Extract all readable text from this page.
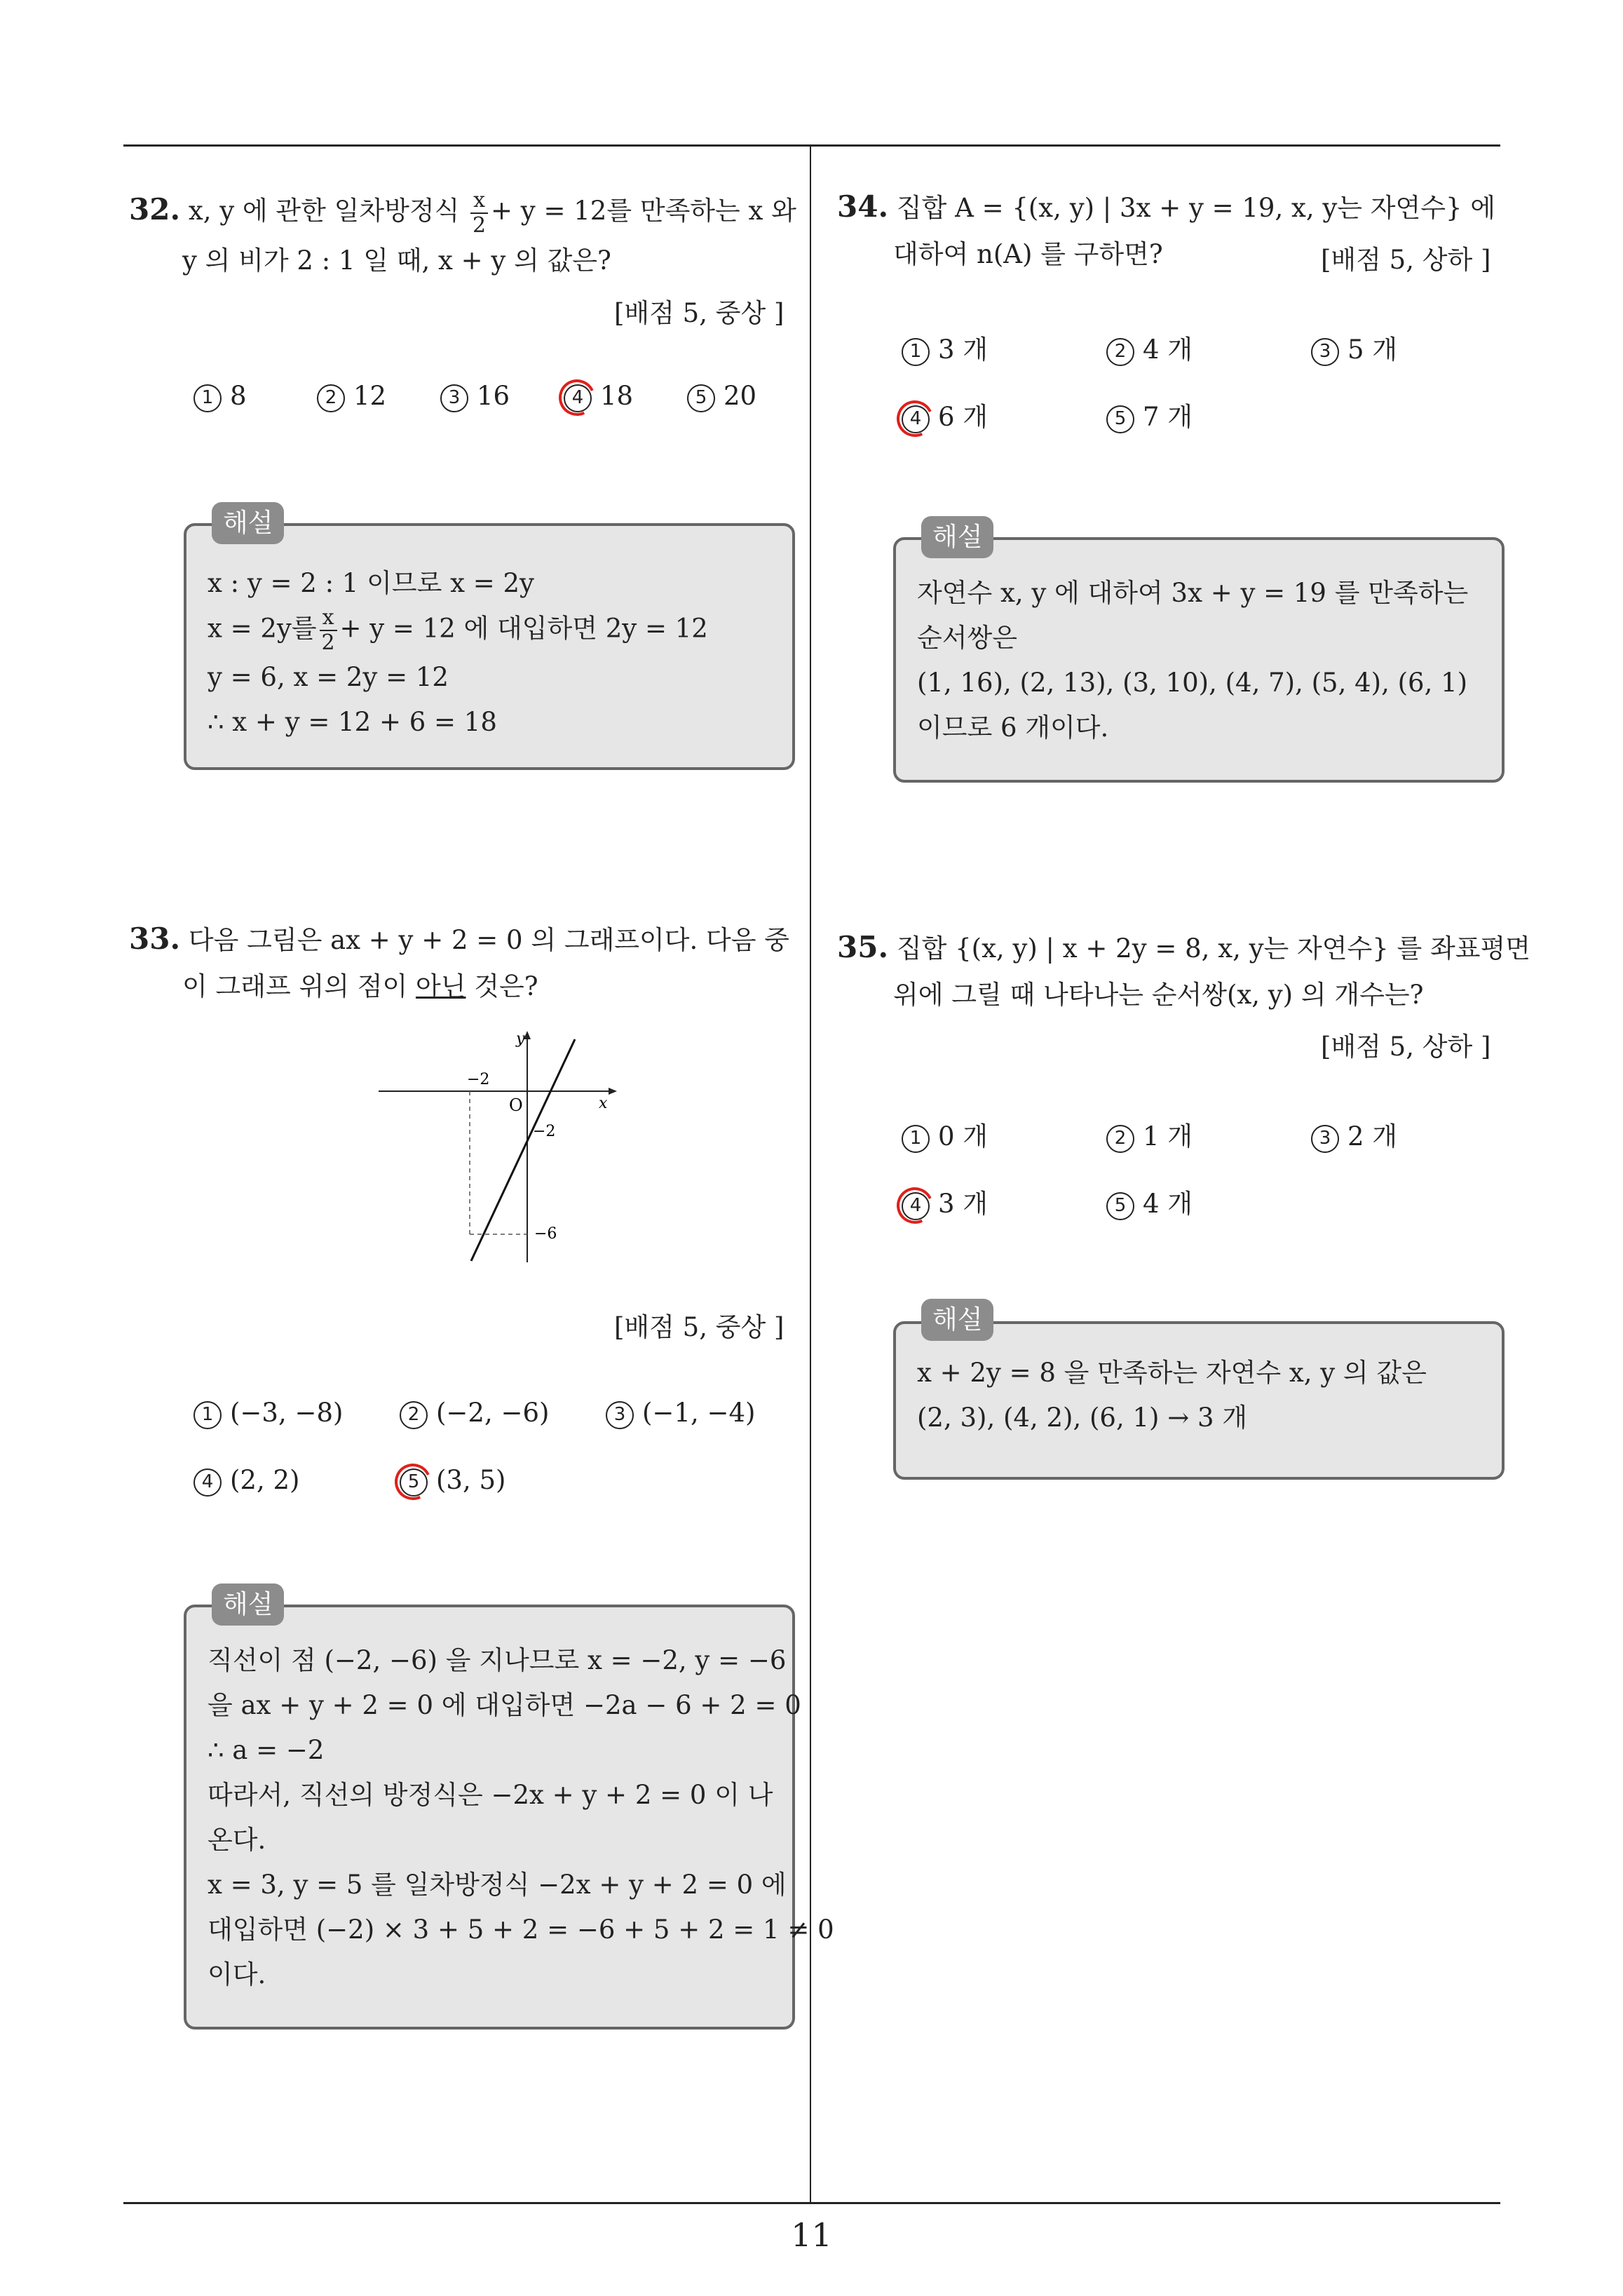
11
32. x, y 에 관한 일차방정식 $\frac{x}{2} + y = 12$를 만족하는 x 와
y 의 비가 2 : 1 일 때, x + y 의 값은?
[배점 5, 중상 ]
1 8	2 12	3 16	4 18	5 20
x : y = 2 : 1 이므로 x = 2y
x = 2y를 $\frac{x}{2} + y = 12$ 에 대입하면 2y = 12
y = 6, x = 2y = 12
∴ x + y = 12 + 6 = 18
해설
33. 다음 그림은 ax + y + 2 = 0 의 그래프이다. 다음 중
이 그래프 위의 점이 아닌 것은?
y
x
O
−2
−2
−6
[배점 5, 중상 ]
1 (−3, −8)	2 (−2, −6)	3 (−1, −4)
4 (2, 2)	5 (3, 5)
직선이 점 (−2, −6) 을 지나므로 x = −2, y = −6
을 ax + y + 2 = 0 에 대입하면 −2a − 6 + 2 = 0
∴ a = −2
따라서, 직선의 방정식은 −2x + y + 2 = 0 이 나
온다.
x = 3, y = 5 를 일차방정식 −2x + y + 2 = 0 에
대입하면 (−2) × 3 + 5 + 2 = −6 + 5 + 2 = 1 ≠ 0
이다.
해설
34. 집합 A = {(x, y) | 3x + y = 19, x, y는 자연수} 에
대하여 n(A) 를 구하면?	[배점 5, 상하 ]
1 3 개	2 4 개	3 5 개
4 6 개	5 7 개
자연수 x, y 에 대하여 3x + y = 19 를 만족하는
순서쌍은
(1, 16), (2, 13), (3, 10), (4, 7), (5, 4), (6, 1)
이므로 6 개이다.
해설
35. 집합 {(x, y) | x + 2y = 8, x, y는 자연수} 를 좌표평면
위에 그릴 때 나타나는 순서쌍(x, y) 의 개수는?
[배점 5, 상하 ]
1 0 개	2 1 개	3 2 개
4 3 개	5 4 개
x + 2y = 8 을 만족하는 자연수 x, y 의 값은
(2, 3), (4, 2), (6, 1) → 3 개
해설
